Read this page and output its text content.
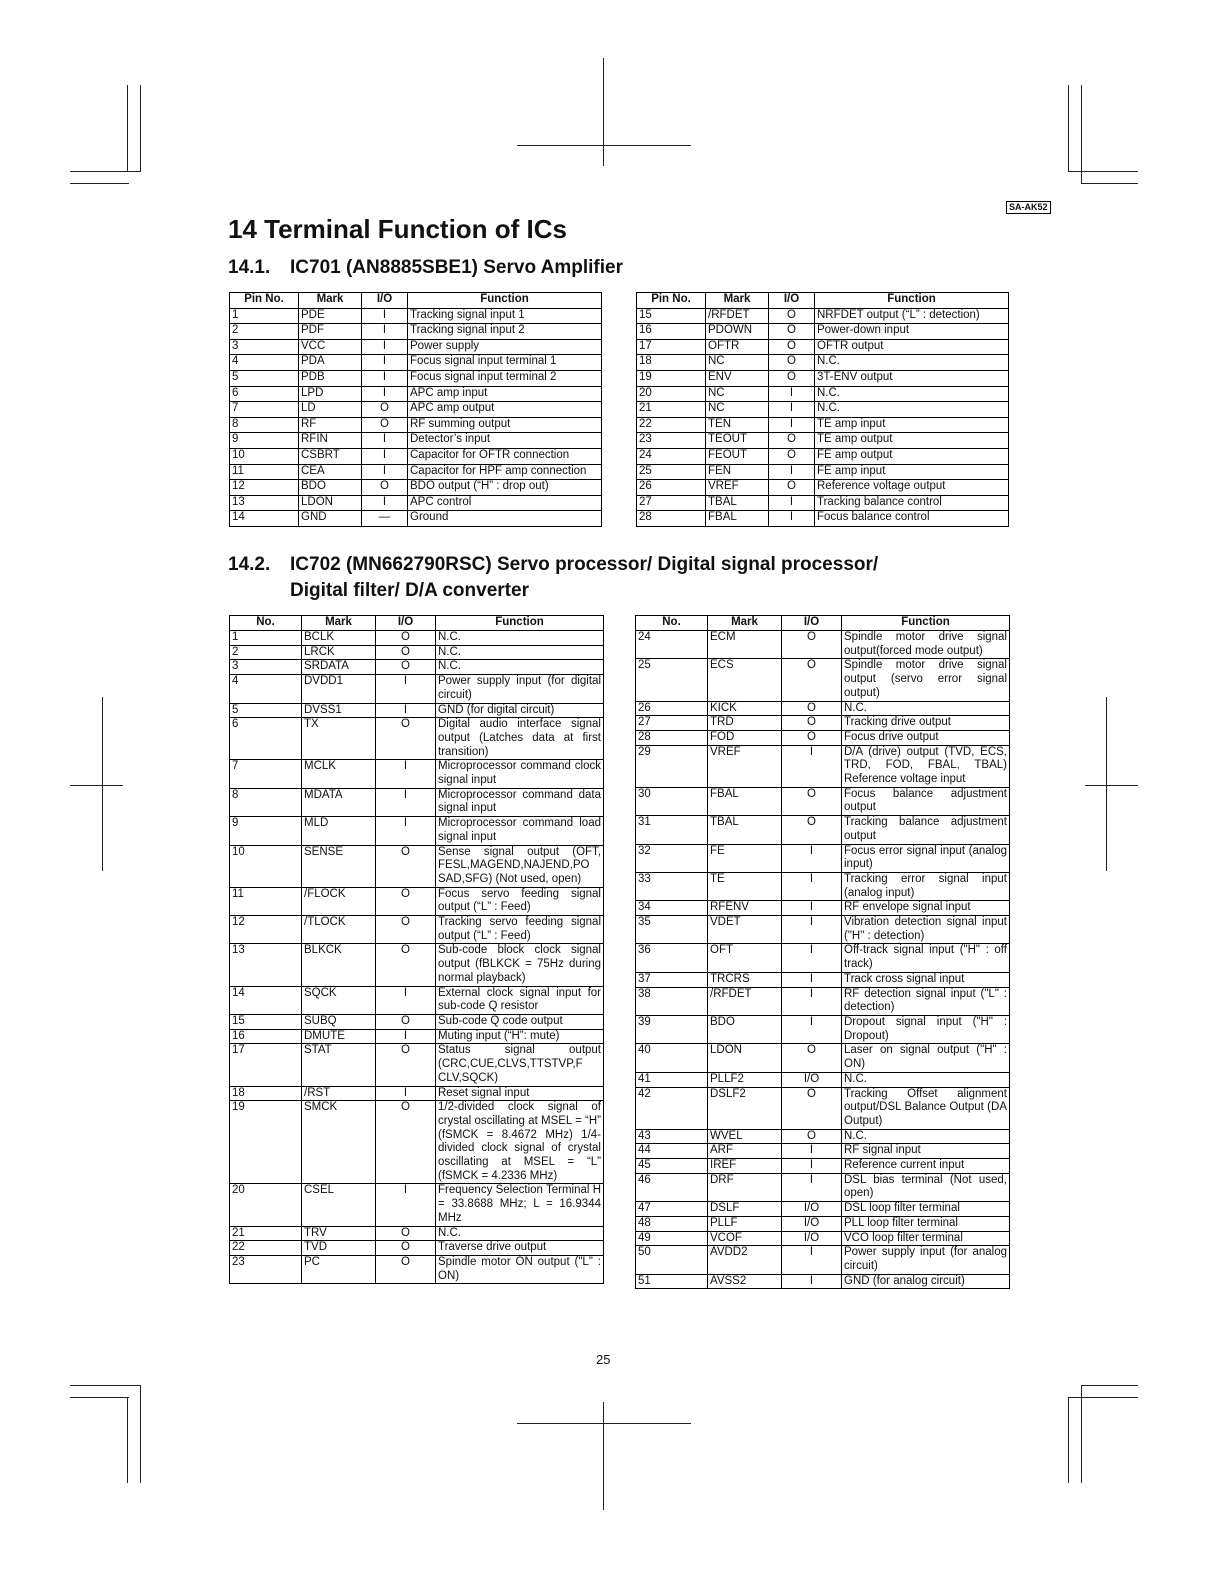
SA-AK52
14 Terminal Function of ICs
14.1.	IC701 (AN8885SBE1) Servo Amplifier
Pin No.	Mark	I/O	Function
1	PDE	I	Tracking signal input 1
2	PDF	I	Tracking signal input 2
3	VCC	I	Power supply
4	PDA	I	Focus signal input terminal 1
5	PDB	I	Focus signal input terminal 2
6	LPD	I	APC amp input
7	LD	O	APC amp output
8	RF	O	RF summing output
9	RFIN	I	Detector’s input
10	CSBRT	I	Capacitor for OFTR connection
11	CEA	I	Capacitor for HPF amp connection
12	BDO	O	BDO output (“H” : drop out)
13	LDON	I	APC control
14	GND	—	Ground
Pin No.	Mark	I/O	Function
15	/RFDET	O	NRFDET output (“L” : detection)
16	PDOWN	O	Power-down input
17	OFTR	O	OFTR output
18	NC	O	N.C.
19	ENV	O	3T-ENV output
20	NC	I	N.C.
21	NC	I	N.C.
22	TEN	I	TE amp input
23	TEOUT	O	TE amp output
24	FEOUT	O	FE amp output
25	FEN	I	FE amp input
26	VREF	O	Reference voltage output
27	TBAL	I	Tracking balance control
28	FBAL	I	Focus balance control
14.2.	IC702 (MN662790RSC) Servo processor/ Digital signal processor/
Digital filter/ D/A converter
No.	Mark	I/O	Function
1	BCLK	O	N.C.
2	LRCK	O	N.C.
3	SRDATA	O	N.C.
4	DVDD1	I	Power supply input (for digital circuit)
5	DVSS1	I	GND (for digital circuit)
6	TX	O	Digital audio interface signal output (Latches data at first transition)
7	MCLK	I	Microprocessor command clock signal input
8	MDATA	I	Microprocessor command data signal input
9	MLD	I	Microprocessor command load signal input
10	SENSE	O	Sense signal output (OFT, FESL,MAGEND,NAJEND,PO SAD,SFG) (Not used, open)
11	/FLOCK	O	Focus servo feeding signal output (“L” : Feed)
12	/TLOCK	O	Tracking servo feeding signal output (“L” : Feed)
13	BLKCK	O	Sub-code block clock signal output (fBLKCK = 75Hz during normal playback)
14	SQCK	I	External clock signal input for sub-code Q resistor
15	SUBQ	O	Sub-code Q code output
16	DMUTE	I	Muting input (“H”: mute)
17	STAT	O	Status signal output (CRC,CUE,CLVS,TTSTVP,F CLV,SQCK)
18	/RST	I	Reset signal input
19	SMCK	O	1/2-divided clock signal of crystal oscillating at MSEL = “H” (fSMCK = 8.4672 MHz) 1/4-divided clock signal of crystal oscillating at MSEL = “L” (fSMCK = 4.2336 MHz)
20	CSEL	I	Frequency Selection Terminal H = 33.8688 MHz; L = 16.9344 MHz
21	TRV	O	N.C.
22	TVD	O	Traverse drive output
23	PC	O	Spindle motor ON output ("L" : ON)
No.	Mark	I/O	Function
24	ECM	O	Spindle motor drive signal output(forced mode output)
25	ECS	O	Spindle motor drive signal output (servo error signal output)
26	KICK	O	N.C.
27	TRD	O	Tracking drive output
28	FOD	O	Focus drive output
29	VREF	I	D/A (drive) output (TVD, ECS, TRD, FOD, FBAL, TBAL) Reference voltage input
30	FBAL	O	Focus balance adjustment output
31	TBAL	O	Tracking balance adjustment output
32	FE	I	Focus error signal input (analog input)
33	TE	I	Tracking error signal input (analog input)
34	RFENV	I	RF envelope signal input
35	VDET	I	Vibration detection signal input ("H" : detection)
36	OFT	I	Off-track signal input ("H" : off track)
37	TRCRS	I	Track cross signal input
38	/RFDET	I	RF detection signal input ("L" : detection)
39	BDO	I	Dropout signal input ("H" : Dropout)
40	LDON	O	Laser on signal output ("H" : ON)
41	PLLF2	I/O	N.C.
42	DSLF2	O	Tracking Offset alignment output/DSL Balance Output (DA Output)
43	WVEL	O	N.C.
44	ARF	I	RF signal input
45	IREF	I	Reference current input
46	DRF	I	DSL bias terminal (Not used, open)
47	DSLF	I/O	DSL loop filter terminal
48	PLLF	I/O	PLL loop filter terminal
49	VCOF	I/O	VCO loop filter terminal
50	AVDD2	I	Power supply input (for analog circuit)
51	AVSS2	I	GND (for analog circuit)
25
